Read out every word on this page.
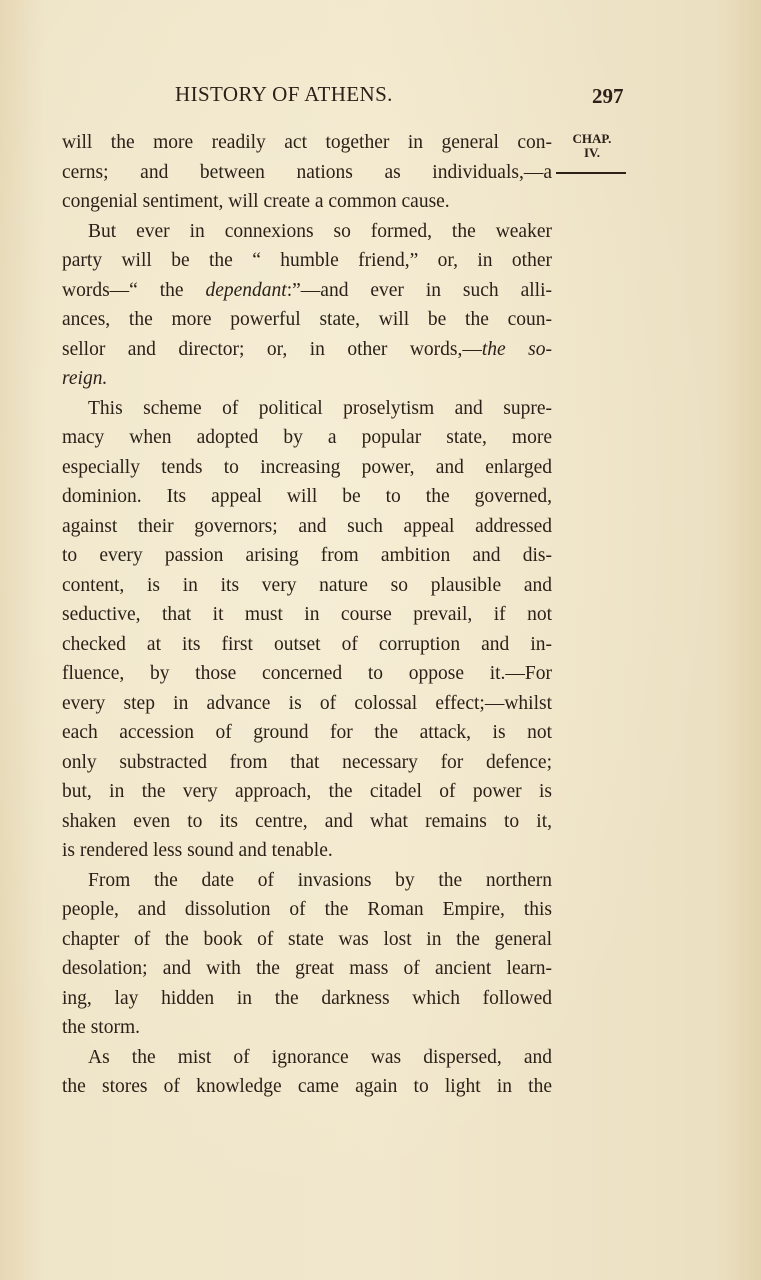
HISTORY OF ATHENS.	297
CHAP.
IV.
will the more readily act together in general con-
cerns; and between nations as individuals,—a
congenial sentiment, will create a common cause.
But ever in connexions so formed, the weaker
party will be the “ humble friend,” or, in other
words—“ the dependant:”—and ever in such alli-
ances, the more powerful state, will be the coun-
sellor and director; or, in other words,—the so-
reign.
This scheme of political proselytism and supre-
macy when adopted by a popular state, more
especially tends to increasing power, and enlarged
dominion. Its appeal will be to the governed,
against their governors; and such appeal addressed
to every passion arising from ambition and dis-
content, is in its very nature so plausible and
seductive, that it must in course prevail, if not
checked at its first outset of corruption and in-
fluence, by those concerned to oppose it.—For
every step in advance is of colossal effect;—whilst
each accession of ground for the attack, is not
only substracted from that necessary for defence;
but, in the very approach, the citadel of power is
shaken even to its centre, and what remains to it,
is rendered less sound and tenable.
From the date of invasions by the northern
people, and dissolution of the Roman Empire, this
chapter of the book of state was lost in the general
desolation; and with the great mass of ancient learn-
ing, lay hidden in the darkness which followed
the storm.
As the mist of ignorance was dispersed, and
the stores of knowledge came again to light in the
